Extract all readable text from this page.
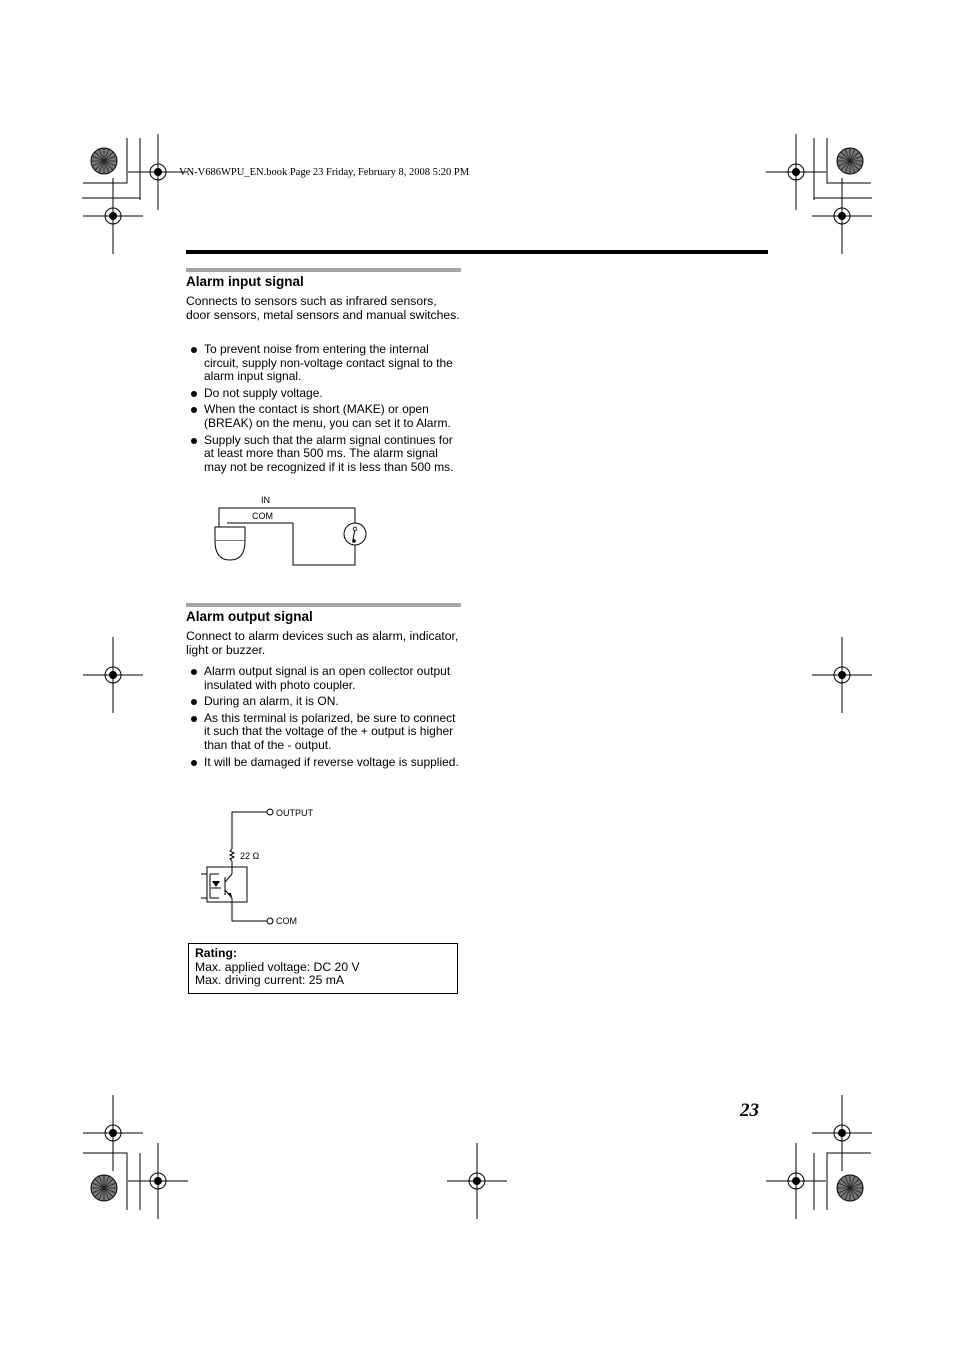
VN-V686WPU_EN.book Page 23 Friday, February 8, 2008 5:20 PM
Alarm input signal
Connects to sensors such as infrared sensors, door sensors, metal sensors and manual switches.
To prevent noise from entering the internal circuit, supply non-voltage contact signal to the alarm input signal.
Do not supply voltage.
When the contact is short (MAKE) or open (BREAK) on the menu, you can set it to Alarm.
Supply such that the alarm signal continues for at least more than 500 ms. The alarm signal may not be recognized if it is less than 500 ms.
IN
COM
Alarm output signal
Connect to alarm devices such as alarm, indicator, light or buzzer.
Alarm output signal is an open collector output insulated with photo coupler.
During an alarm, it is ON.
As this terminal is polarized, be sure to connect it such that the voltage of the + output is higher than that of the - output.
It will be damaged if reverse voltage is supplied.
OUTPUT
22 Ω
COM
Rating:
Max. applied voltage: DC 20 V
Max. driving current: 25 mA
23
